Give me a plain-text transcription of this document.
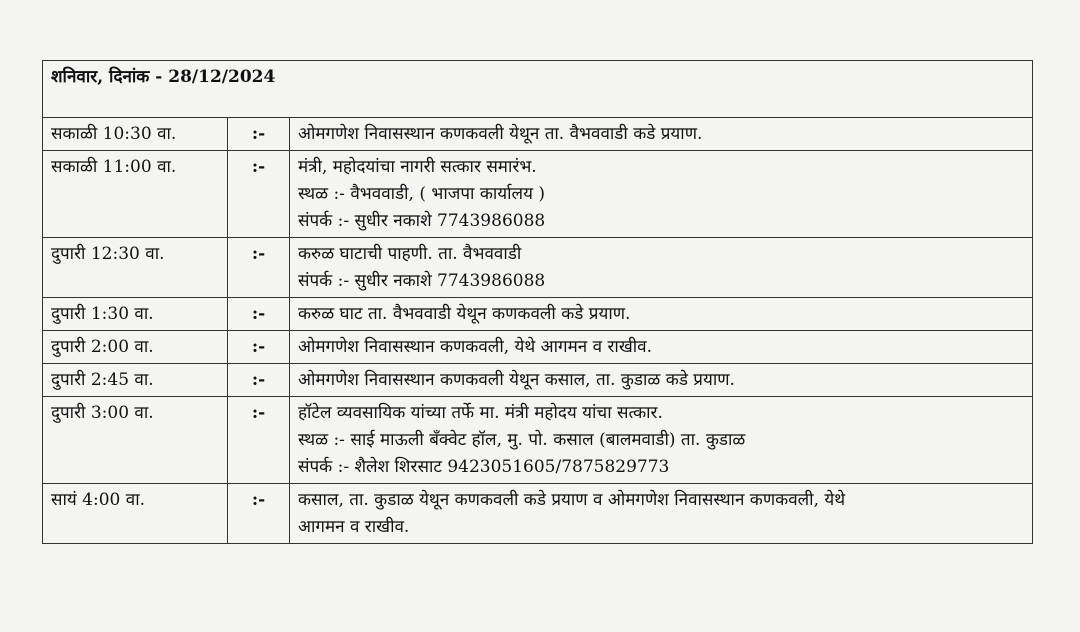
शनिवार, दिनांक - 28/12/2024		
सकाळी 10:30 वा.	:-	ओमगणेश निवासस्थान कणकवली येथून ता. वैभववाडी कडे प्रयाण.

सकाळी 11:00 वा.	:-	मंत्री, महोदयांचा नागरी सत्कार समारंभ.
स्थळ :- वैभववाडी, ( भाजपा कार्यालय )
संपर्क :- सुधीर नकाशे 7743986088

दुपारी 12:30 वा.	:-	करुळ घाटाची पाहणी. ता. वैभववाडी
संपर्क :- सुधीर नकाशे 7743986088

दुपारी 1:30 वा.	:-	करुळ घाट ता. वैभववाडी येथून कणकवली कडे प्रयाण.

दुपारी 2:00 वा.	:-	ओमगणेश निवासस्थान कणकवली, येथे आगमन व राखीव.

दुपारी 2:45 वा.	:-	ओमगणेश निवासस्थान कणकवली येथून कसाल, ता. कुडाळ कडे प्रयाण.

दुपारी 3:00 वा.	:-	हॉटेल व्यवसायिक यांच्या तर्फे मा. मंत्री महोदय यांचा सत्कार.
स्थळ :- साई माऊली बँक्वेट हॉल, मु. पो. कसाल (बालमवाडी) ता. कुडाळ
संपर्क :- शैलेश शिरसाट 9423051605/7875829773

सायं 4:00 वा.	:-	कसाल, ता. कुडाळ येथून कणकवली कडे प्रयाण व ओमगणेश निवासस्थान कणकवली, येथे
आगमन व राखीव.
